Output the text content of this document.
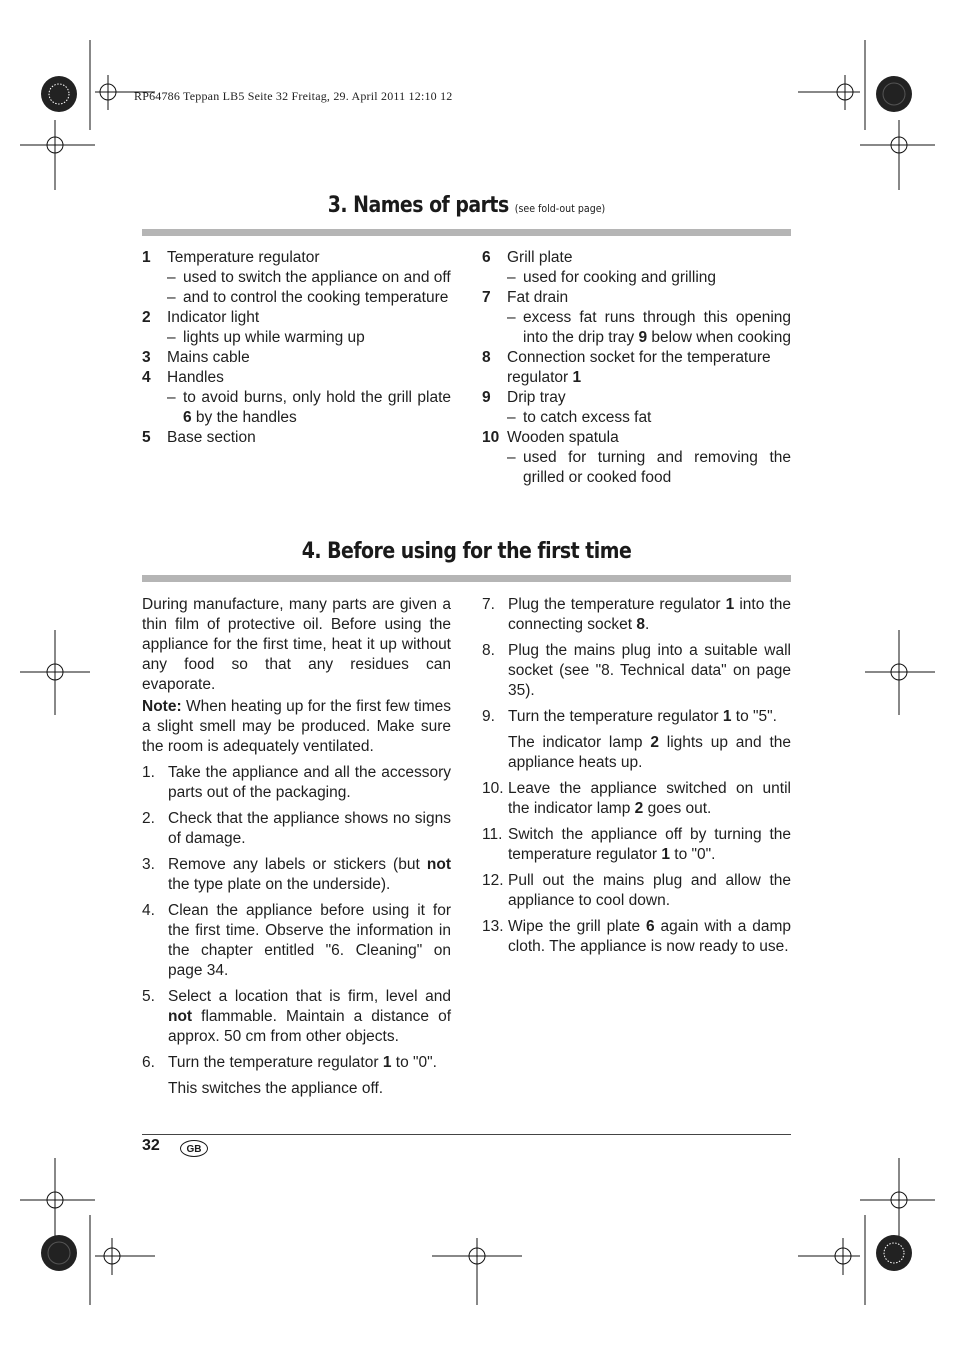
RP64786 Teppan LB5 Seite 32 Freitag, 29. April 2011 12:10 12
3. Names of parts (see fold-out page)
1 Temperature regulator
– used to switch the appliance on and off
– and to control the cooking temperature
2 Indicator light
– lights up while warming up
3 Mains cable
4 Handles
– to avoid burns, only hold the grill plate 6 by the handles
5 Base section
6 Grill plate
– used for cooking and grilling
7 Fat drain
– excess fat runs through this opening into the drip tray 9 below when cooking
8 Connection socket for the temperature regulator 1
9 Drip tray
– to catch excess fat
10 Wooden spatula
– used for turning and removing the grilled or cooked food
4. Before using for the first time

During manufacture, many parts are given a thin film of protective oil. Before using the appliance for the first time, heat it up without any food so that any residues can evaporate.

Note: When heating up for the first few times a slight smell may be produced. Make sure the room is adequately ventilated.

1. Take the appliance and all the accessory parts out of the packaging.
2. Check that the appliance shows no signs of damage.
3. Remove any labels or stickers (but not the type plate on the underside).
4. Clean the appliance before using it for the first time. Observe the information in the chapter entitled "6. Cleaning" on page 34.
5. Select a location that is firm, level and not flammable. Maintain a distance of approx. 50 cm from other objects.
6. Turn the temperature regulator 1 to "0".
This switches the appliance off.
7. Plug the temperature regulator 1 into the connecting socket 8.
8. Plug the mains plug into a suitable wall socket (see "8. Technical data" on page 35).
9. Turn the temperature regulator 1 to "5".
The indicator lamp 2 lights up and the appliance heats up.
10. Leave the appliance switched on until the indicator lamp 2 goes out.
11. Switch the appliance off by turning the temperature regulator 1 to "0".
12. Pull out the mains plug and allow the appliance to cool down.
13. Wipe the grill plate 6 again with a damp cloth. The appliance is now ready to use.
32	GB
